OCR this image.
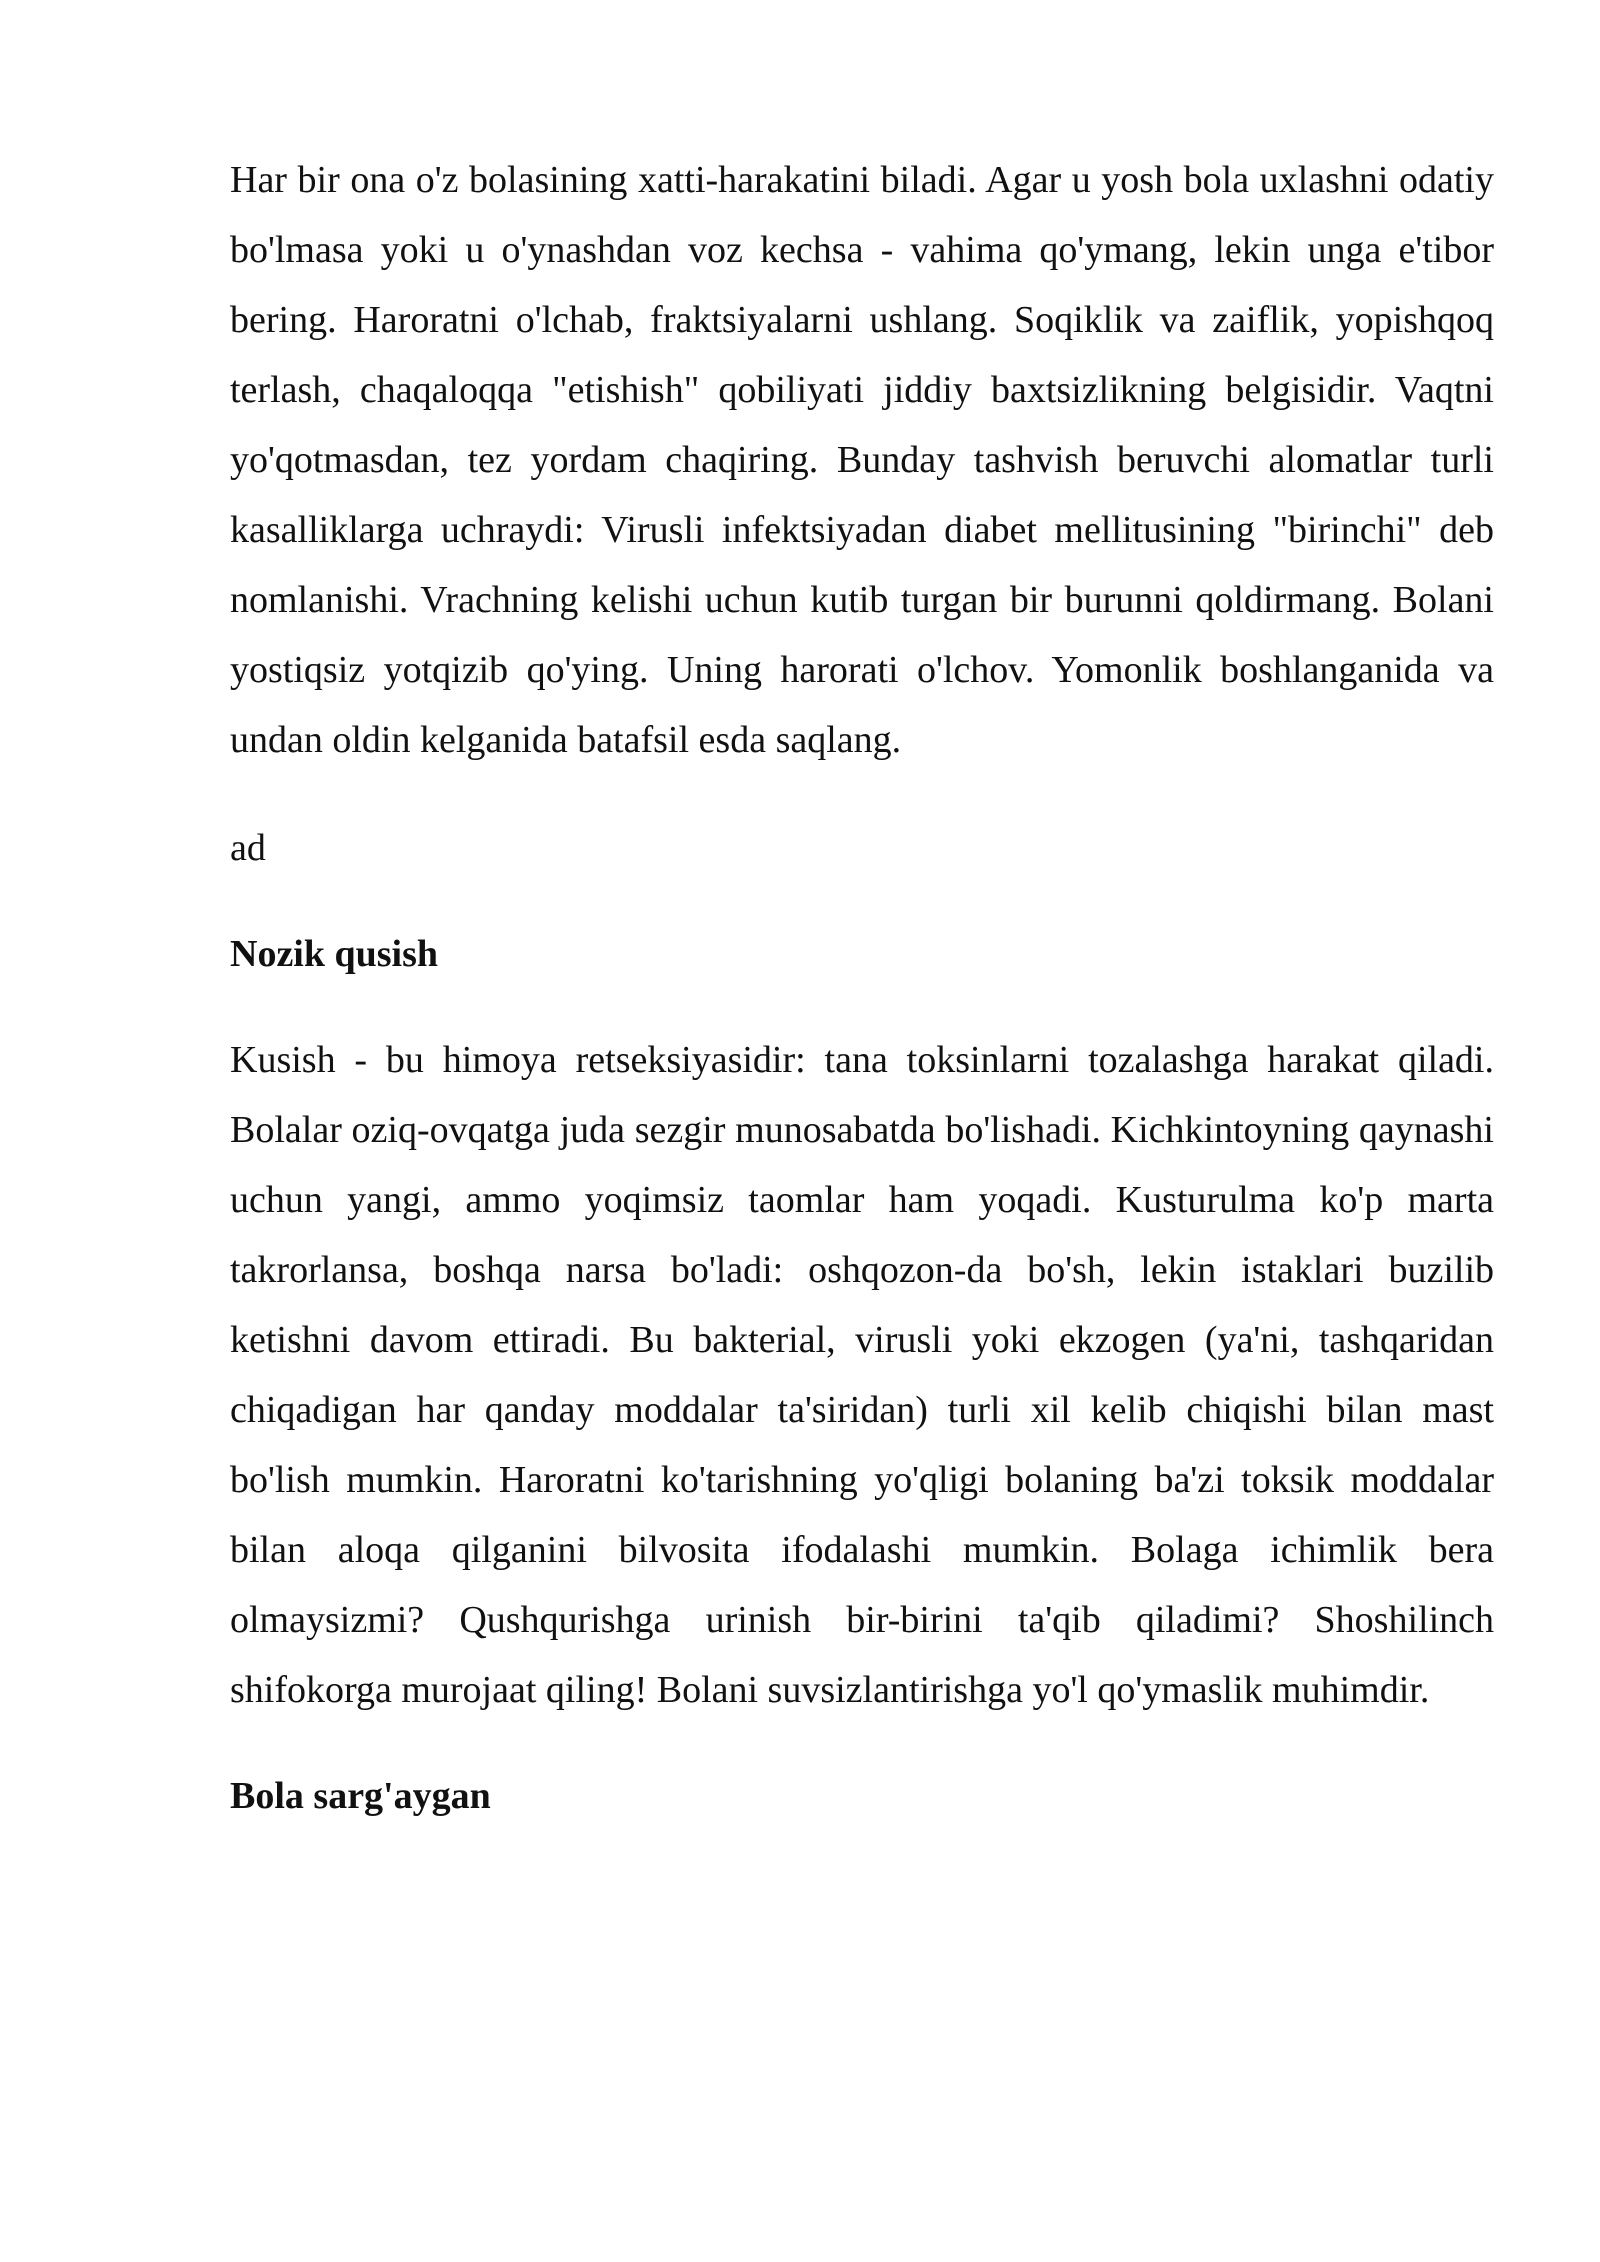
Har bir ona o'z bolasining xatti-harakatini biladi. Agar u yosh bola uxlashni odatiy bo'lmasa yoki u o'ynashdan voz kechsa - vahima qo'ymang, lekin unga e'tibor bering. Haroratni o'lchab, fraktsiyalarni ushlang. Soqiklik va zaiflik, yopishqoq terlash, chaqaloqqa "etishish" qobiliyati jiddiy baxtsizlikning belgisidir. Vaqtni yo'qotmasdan, tez yordam chaqiring. Bunday tashvish beruvchi alomatlar turli kasalliklarga uchraydi: Virusli infektsiyadan diabet mellitusining "birinchi" deb nomlanishi. Vrachning kelishi uchun kutib turgan bir burunni qoldirmang. Bolani yostiqsiz yotqizib qo'ying. Uning harorati o'lchov. Yomonlik boshlanganida va undan oldin kelganida batafsil esda saqlang.

ad

Nozik qusish

Kusish - bu himoya retseksiyasidir: tana toksinlarni tozalashga harakat qiladi. Bolalar oziq-ovqatga juda sezgir munosabatda bo'lishadi. Kichkintoyning qaynashi uchun yangi, ammo yoqimsiz taomlar ham yoqadi. Kusturulma ko'p marta takrorlansa, boshqa narsa bo'ladi: oshqozon-da bo'sh, lekin istaklari buzilib ketishni davom ettiradi. Bu bakterial, virusli yoki ekzogen (ya'ni, tashqaridan chiqadigan har qanday moddalar ta'siridan) turli xil kelib chiqishi bilan mast bo'lish mumkin. Haroratni ko'tarishning yo'qligi bolaning ba'zi toksik moddalar bilan aloqa qilganini bilvosita ifodalashi mumkin. Bolaga ichimlik bera olmaysizmi? Qushqurishga urinish bir-birini ta'qib qiladimi? Shoshilinch shifokorga murojaat qiling! Bolani suvsizlantirishga yo'l qo'ymaslik muhimdir.

Bola sarg'aygan
